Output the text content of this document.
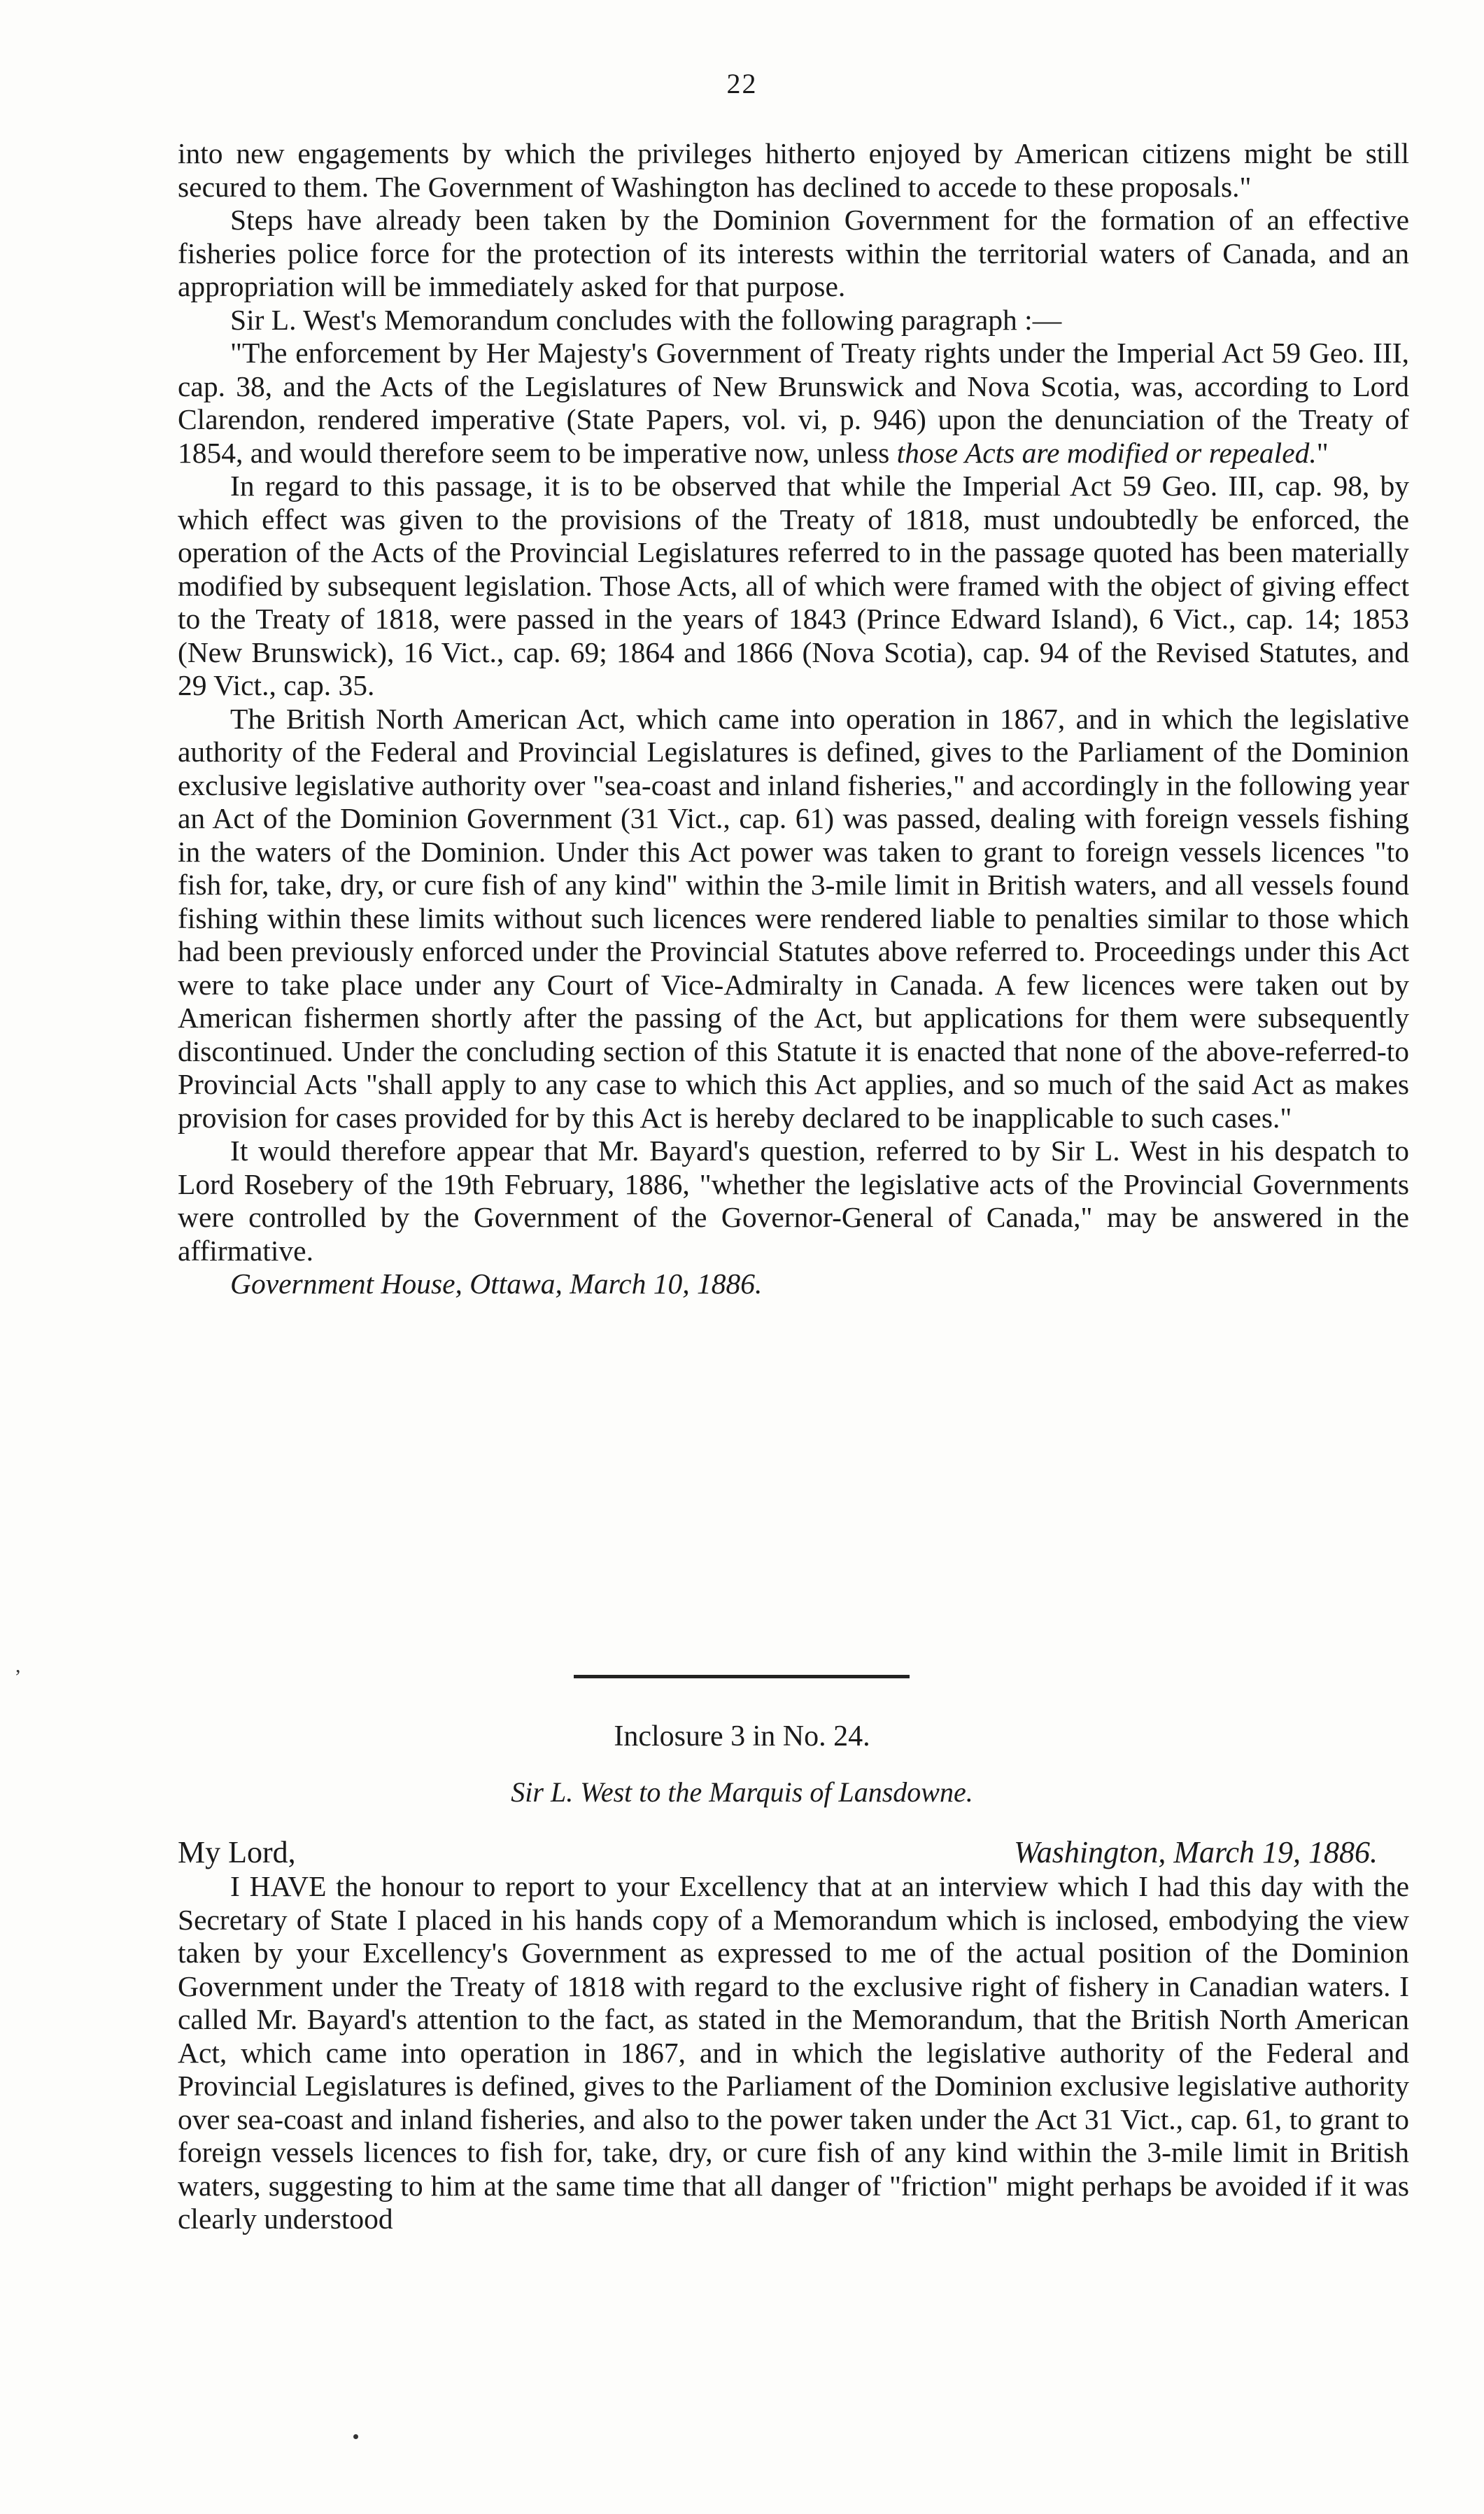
22

into new engagements by which the privileges hitherto enjoyed by American citizens might be still secured to them. The Government of Washington has declined to accede to these proposals."

Steps have already been taken by the Dominion Government for the formation of an effective fisheries police force for the protection of its interests within the territorial waters of Canada, and an appropriation will be immediately asked for that purpose.

Sir L. West's Memorandum concludes with the following paragraph :—

"The enforcement by Her Majesty's Government of Treaty rights under the Imperial Act 59 Geo. III, cap. 38, and the Acts of the Legislatures of New Brunswick and Nova Scotia, was, according to Lord Clarendon, rendered imperative (State Papers, vol. vi, p. 946) upon the denunciation of the Treaty of 1854, and would therefore seem to be imperative now, unless those Acts are modified or repealed."

In regard to this passage, it is to be observed that while the Imperial Act 59 Geo. III, cap. 98, by which effect was given to the provisions of the Treaty of 1818, must undoubtedly be enforced, the operation of the Acts of the Provincial Legislatures referred to in the passage quoted has been materially modified by subsequent legislation. Those Acts, all of which were framed with the object of giving effect to the Treaty of 1818, were passed in the years of 1843 (Prince Edward Island), 6 Vict., cap. 14; 1853 (New Brunswick), 16 Vict., cap. 69; 1864 and 1866 (Nova Scotia), cap. 94 of the Revised Statutes, and 29 Vict., cap. 35.

The British North American Act, which came into operation in 1867, and in which the legislative authority of the Federal and Provincial Legislatures is defined, gives to the Parliament of the Dominion exclusive legislative authority over "sea-coast and inland fisheries," and accordingly in the following year an Act of the Dominion Government (31 Vict., cap. 61) was passed, dealing with foreign vessels fishing in the waters of the Dominion. Under this Act power was taken to grant to foreign vessels licences "to fish for, take, dry, or cure fish of any kind" within the 3-mile limit in British waters, and all vessels found fishing within these limits without such licences were rendered liable to penalties similar to those which had been previously enforced under the Provincial Statutes above referred to. Proceedings under this Act were to take place under any Court of Vice-Admiralty in Canada. A few licences were taken out by American fishermen shortly after the passing of the Act, but applications for them were subsequently discontinued. Under the concluding section of this Statute it is enacted that none of the above-referred-to Provincial Acts "shall apply to any case to which this Act applies, and so much of the said Act as makes provision for cases provided for by this Act is hereby declared to be inapplicable to such cases."

It would therefore appear that Mr. Bayard's question, referred to by Sir L. West in his despatch to Lord Rosebery of the 19th February, 1886, "whether the legislative acts of the Provincial Governments were controlled by the Government of the Governor-General of Canada," may be answered in the affirmative.

Government House, Ottawa, March 10, 1886.

,
Inclosure 3 in No. 24.
Sir L. West to the Marquis of Lansdowne.

My Lord,	Washington, March 19, 1886.

I HAVE the honour to report to your Excellency that at an interview which I had this day with the Secretary of State I placed in his hands copy of a Memorandum which is inclosed, embodying the view taken by your Excellency's Government as expressed to me of the actual position of the Dominion Government under the Treaty of 1818 with regard to the exclusive right of fishery in Canadian waters. I called Mr. Bayard's attention to the fact, as stated in the Memorandum, that the British North American Act, which came into operation in 1867, and in which the legislative authority of the Federal and Provincial Legislatures is defined, gives to the Parliament of the Dominion exclusive legislative authority over sea-coast and inland fisheries, and also to the power taken under the Act 31 Vict., cap. 61, to grant to foreign vessels licences to fish for, take, dry, or cure fish of any kind within the 3-mile limit in British waters, suggesting to him at the same time that all danger of "friction" might perhaps be avoided if it was clearly understood
